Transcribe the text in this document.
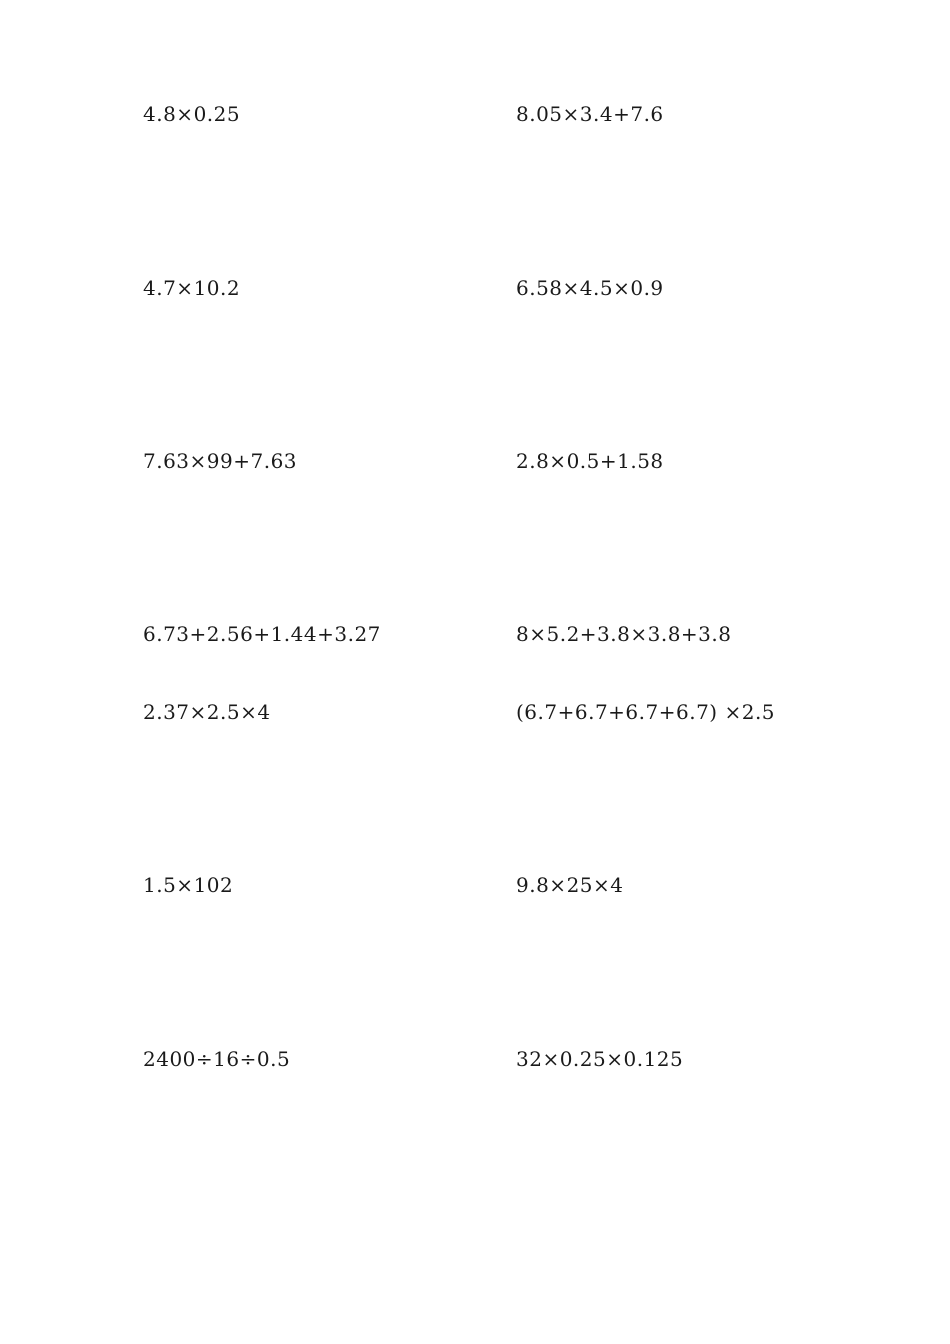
4.8×0.25	8.05×3.4+7.6
4.7×10.2	6.58×4.5×0.9
7.63×99+7.63	2.8×0.5+1.58
6.73+2.56+1.44+3.27	8×5.2+3.8×3.8+3.8
2.37×2.5×4	(6.7+6.7+6.7+6.7) ×2.5
1.5×102	9.8×25×4
2400÷16÷0.5	32×0.25×0.125
